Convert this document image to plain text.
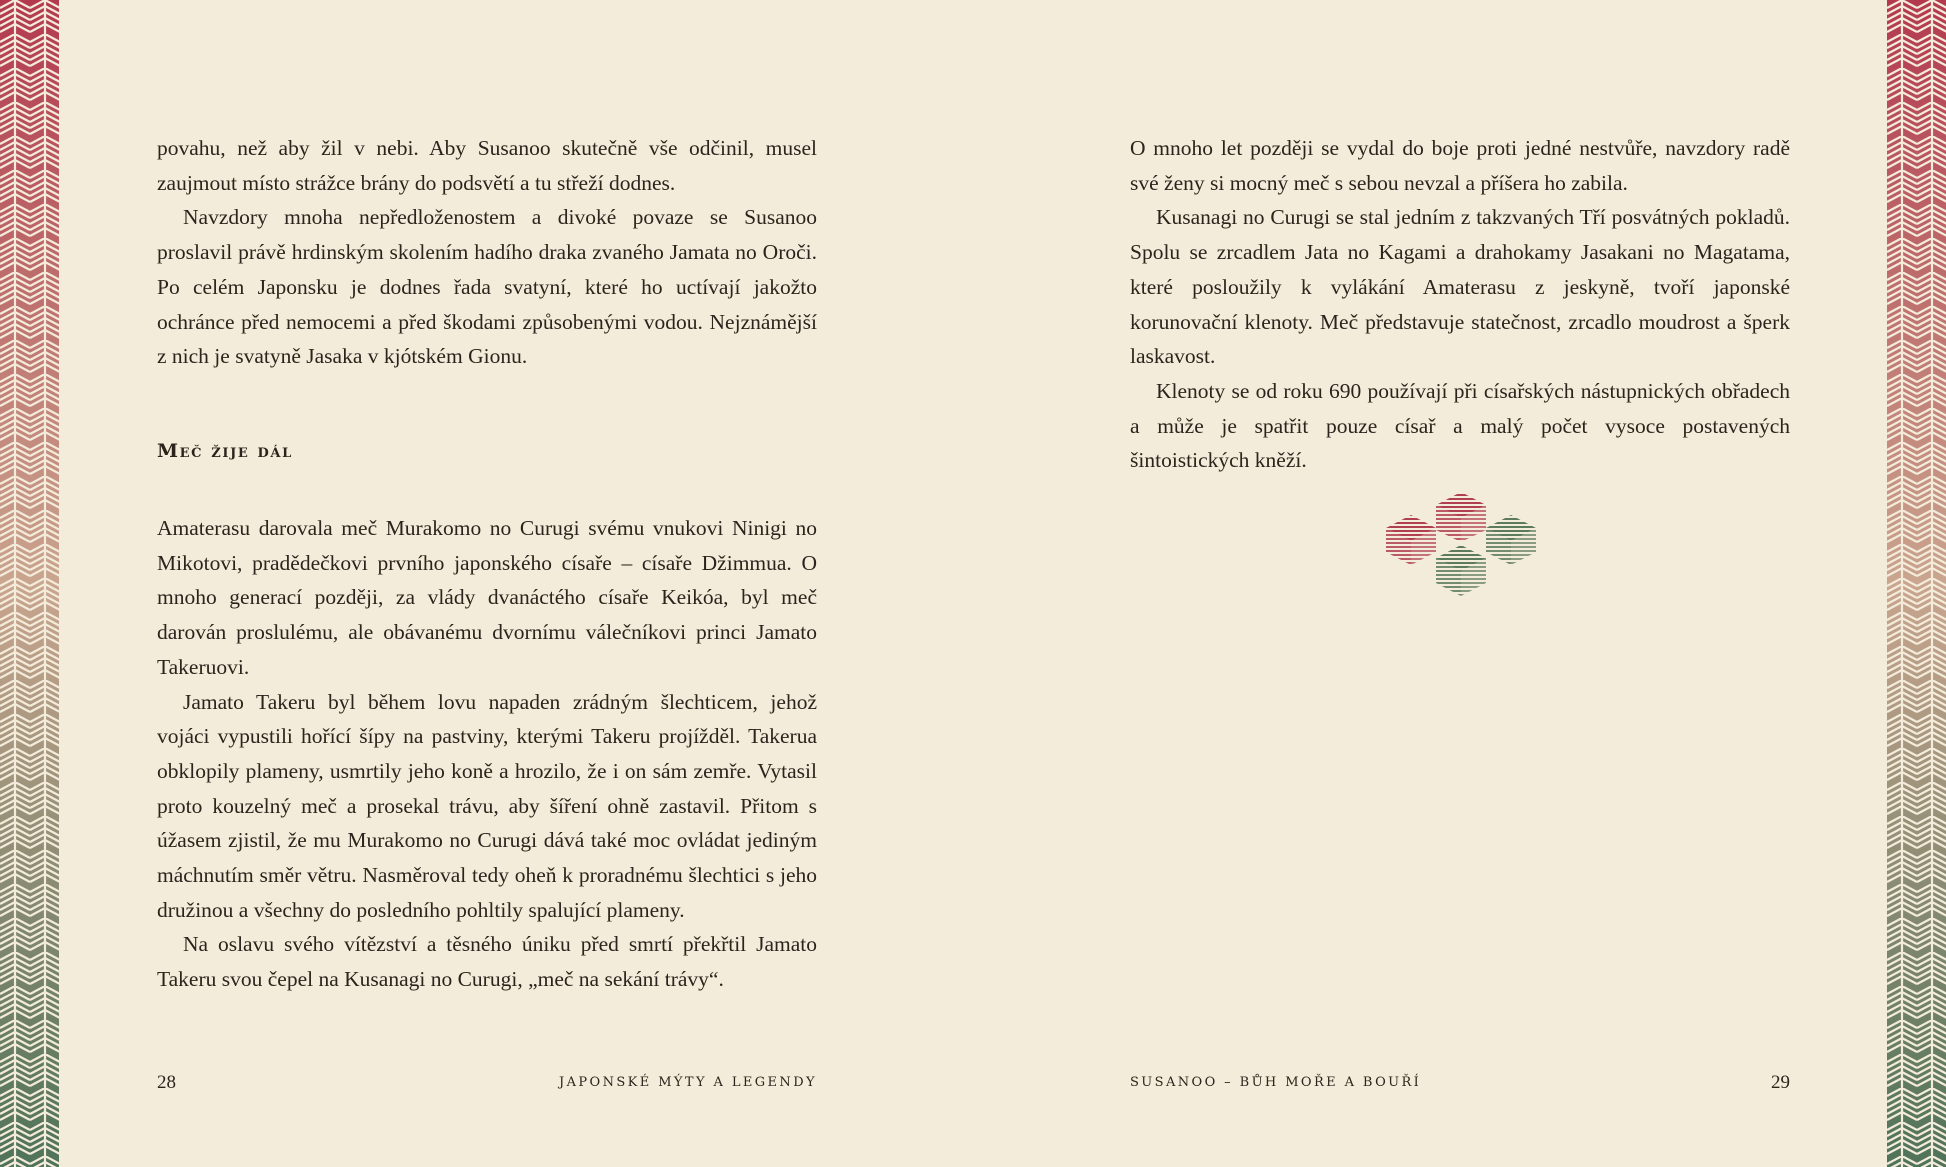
povahu, než aby žil v nebi. Aby Susanoo skutečně vše odčinil, musel zaujmout místo strážce brány do podsvětí a tu střeží dodnes.

Navzdory mnoha nepředloženostem a divoké povaze se Susanoo proslavil právě hrdinským skolením hadího draka zvaného Jamata no Oroči. Po celém Japonsku je dodnes řada svatyní, které ho uctívají jakožto ochránce před nemocemi a před škodami způsobenými vodou. Nejznámější z nich je svatyně Jasaka v kjótském Gionu.

Meč žije dál

Amaterasu darovala meč Murakomo no Curugi svému vnukovi Ninigi no Mikotovi, pradědečkovi prvního japonského císaře – císaře Džimmua. O mnoho generací později, za vlády dvanáctého císaře Keikóa, byl meč darován proslulému, ale obávanému dvornímu válečníkovi princi Jamato Takeruovi.

Jamato Takeru byl během lovu napaden zrádným šlechticem, jehož vojáci vypustili hořící šípy na pastviny, kterými Takeru projížděl. Takerua obklopily plameny, usmrtily jeho koně a hrozilo, že i on sám zemře. Vytasil proto kouzelný meč a prosekal trávu, aby šíření ohně zastavil. Přitom s úžasem zjistil, že mu Murakomo no Curugi dává také moc ovládat jediným máchnutím směr větru. Nasměroval tedy oheň k proradnému šlechtici s jeho družinou a všechny do posledního pohltily spalující plameny.

Na oslavu svého vítězství a těsného úniku před smrtí překřtil Jamato Takeru svou čepel na Kusanagi no Curugi, „meč na sekání trávy“.

28	JAPONSKÉ MÝTY A LEGENDY

O mnoho let později se vydal do boje proti jedné nestvůře, navzdory radě své ženy si mocný meč s sebou nevzal a příšera ho zabila.

Kusanagi no Curugi se stal jedním z takzvaných Tří posvátných pokladů. Spolu se zrcadlem Jata no Kagami a drahokamy Jasakani no Magatama, které posloužily k vylákání Amaterasu z jeskyně, tvoří japonské korunovační klenoty. Meč představuje statečnost, zrcadlo moudrost a šperk laskavost.

Klenoty se od roku 690 používají při císařských nástupnických obřadech a může je spatřit pouze císař a malý počet vysoce postavených šintoistických kněží.

SUSANOO – BŮH MOŘE A BOUŘÍ	29
